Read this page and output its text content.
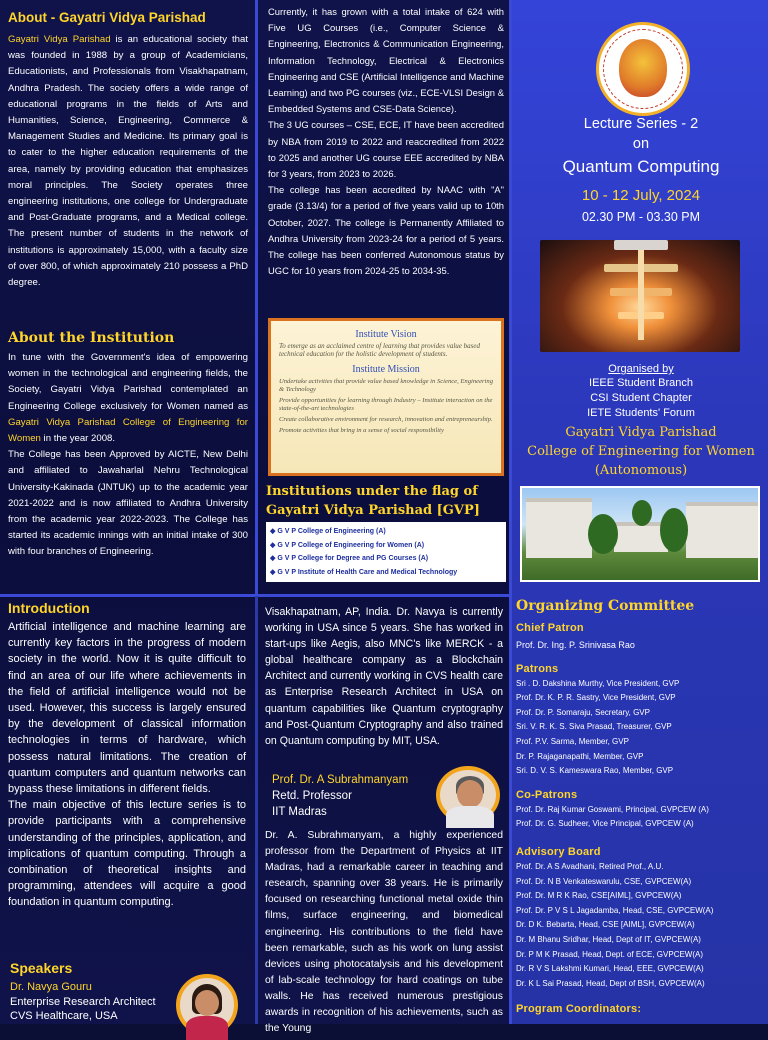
About - Gayatri Vidya Parishad
Gayatri Vidya Parishad is an educational society that was founded in 1988 by a group of Academicians, Educationists, and Professionals from Visakhapatnam, Andhra Pradesh. The society offers a wide range of educational programs in the fields of Arts and Humanities, Science, Engineering, Commerce & Management Studies and Medicine. Its primary goal is to cater to the higher education requirements of the area, namely by providing education that emphasizes moral principles. The Society operates three engineering institutions, one college for Undergraduate and Post-Graduate programs, and a Medical college. The present number of students in the network of institutions is approximately 15,000, with a faculty size of over 800, of which approximately 210 possess a PhD degree.
About the Institution
In tune with the Government's idea of empowering women in the technological and engineering fields, the Society, Gayatri Vidya Parishad contemplated an Engineering College exclusively for Women named as Gayatri Vidya Parishad College of Engineering for Women in the year 2008.
The College has been Approved by AICTE, New Delhi and affiliated to Jawaharlal Nehru Technological University-Kakinada (JNTUK) up to the academic year 2021-2022 and is now affiliated to Andhra University from the academic year 2022-2023. The College has started its academic innings with an initial intake of 300 with four branches of Engineering.
Currently, it has grown with a total intake of 624 with Five UG Courses (i.e., Computer Science & Engineering, Electronics & Communication Engineering, Information Technology, Electrical & Electronics Engineering and CSE (Artificial Intelligence and Machine Learning) and two PG courses (viz., ECE-VLSI Design & Embedded Systems and CSE-Data Science).
The 3 UG courses – CSE, ECE, IT have been accredited by NBA from 2019 to 2022 and reaccredited from 2022 to 2025 and another UG course EEE accredited by NBA for 3 years, from 2023 to 2026.
The college has been accredited by NAAC with "A" grade (3.13/4) for a period of five years valid up to 10th October, 2027. The college is Permanently Affiliated to Andhra University from 2023-24 for a period of 5 years. The college has been conferred Autonomous status by UGC for 10 years from 2024-25 to 2034-35.
Institute Vision

To emerge as an acclaimed centre of learning that provides value based technical education for the holistic development of students.

Institute Mission
Undertake activities that provide value based knowledge in Science, Engineering & Technology
Provide opportunities for learning through Industry – Institute interaction on the state-of-the-art technologies
Create collaborative environment for research, innovation and entrepreneurship.
Promote activities that bring in a sense of social responsibility
Institutions under the flag of
Gayatri Vidya Parishad [GVP]
◆ G V P College of Engineering (A)
◆ G V P College of Engineering for Women (A)
◆ G V P College for Degree and PG Courses (A)
◆ G V P Institute of Health Care and Medical Technology
Lecture Series - 2
on
Quantum Computing
10 - 12 July, 2024
02.30 PM - 03.30 PM
Organised by
IEEE Student Branch
CSI Student Chapter
IETE Students' Forum
Gayatri Vidya Parishad
College of Engineering for Women
(Autonomous)
Introduction
Artificial intelligence and machine learning are currently key factors in the progress of modern society in the world. Now it is quite difficult to find an area of our life where achievements in the field of artificial intelligence would not be used. However, this success is largely ensured by the development of classical information technologies in terms of hardware, which possess natural limitations. The creation of quantum computers and quantum networks can bypass these limitations in different fields.
The main objective of this lecture series is to provide participants with a comprehensive understanding of the principles, application, and implications of quantum computing. Through a combination of theoretical insights and programming, attendees will acquire a good foundation in quantum computing.
Speakers
Dr. Navya Gouru
Enterprise Research Architect
CVS Healthcare, USA
Visakhapatnam, AP, India. Dr. Navya is currently working in USA since 5 years. She has worked in start-ups like Aegis, also MNC's like MERCK - a global healthcare company as a Blockchain Architect and currently working in CVS health care as Enterprise Research Architect in USA on quantum capabilities like Quantum cryptography and Post-Quantum Cryptography and also trained on Quantum computing by MIT, USA.
Prof. Dr. A Subrahmanyam
Retd. Professor
IIT Madras
Dr. A. Subrahmanyam, a highly experienced professor from the Department of Physics at IIT Madras, had a remarkable career in teaching and research, spanning over 38 years. He is primarily focused on researching functional metal oxide thin films, surface engineering, and biomedical engineering. His contributions to the field have been remarkable, such as his work on lung assist devices using photocatalysis and his development of lab-scale technology for hard coatings on tube walls. He has received numerous prestigious awards in recognition of his achievements, such as the Young
Organizing Committee
Chief Patron
Prof. Dr. Ing. P. Srinivasa Rao
Patrons
Sri . D. Dakshina Murthy, Vice President, GVP
Prof. Dr. K. P. R. Sastry, Vice President, GVP
Prof. Dr. P. Somaraju, Secretary, GVP
Sri. V. R. K. S. Siva Prasad, Treasurer, GVP
Prof. P.V. Sarma, Member, GVP
Dr. P. Rajaganapathi, Member, GVP
Sri. D. V. S. Kameswara Rao, Member, GVP
Co-Patrons
Prof. Dr. Raj Kumar Goswami, Principal, GVPCEW (A)
Prof. Dr. G. Sudheer, Vice Principal, GVPCEW (A)
Advisory Board
Prof. Dr. A S Avadhani, Retired Prof., A.U.
Prof. Dr. N B Venkateswarulu, CSE, GVPCEW(A)
Prof. Dr. M R K Rao, CSE[AIML], GVPCEW(A)
Prof. Dr. P V S L Jagadamba, Head, CSE, GVPCEW(A)
Dr. D K. Bebarta, Head, CSE [AIML], GVPCEW(A)
Dr. M Bhanu Sridhar, Head, Dept of IT, GVPCEW(A)
Dr. P M K Prasad, Head, Dept. of ECE, GVPCEW(A)
Dr. R V S Lakshmi Kumari, Head, EEE, GVPCEW(A)
Dr. K L Sai Prasad, Head, Dept of BSH, GVPCEW(A)
Program Coordinators:
